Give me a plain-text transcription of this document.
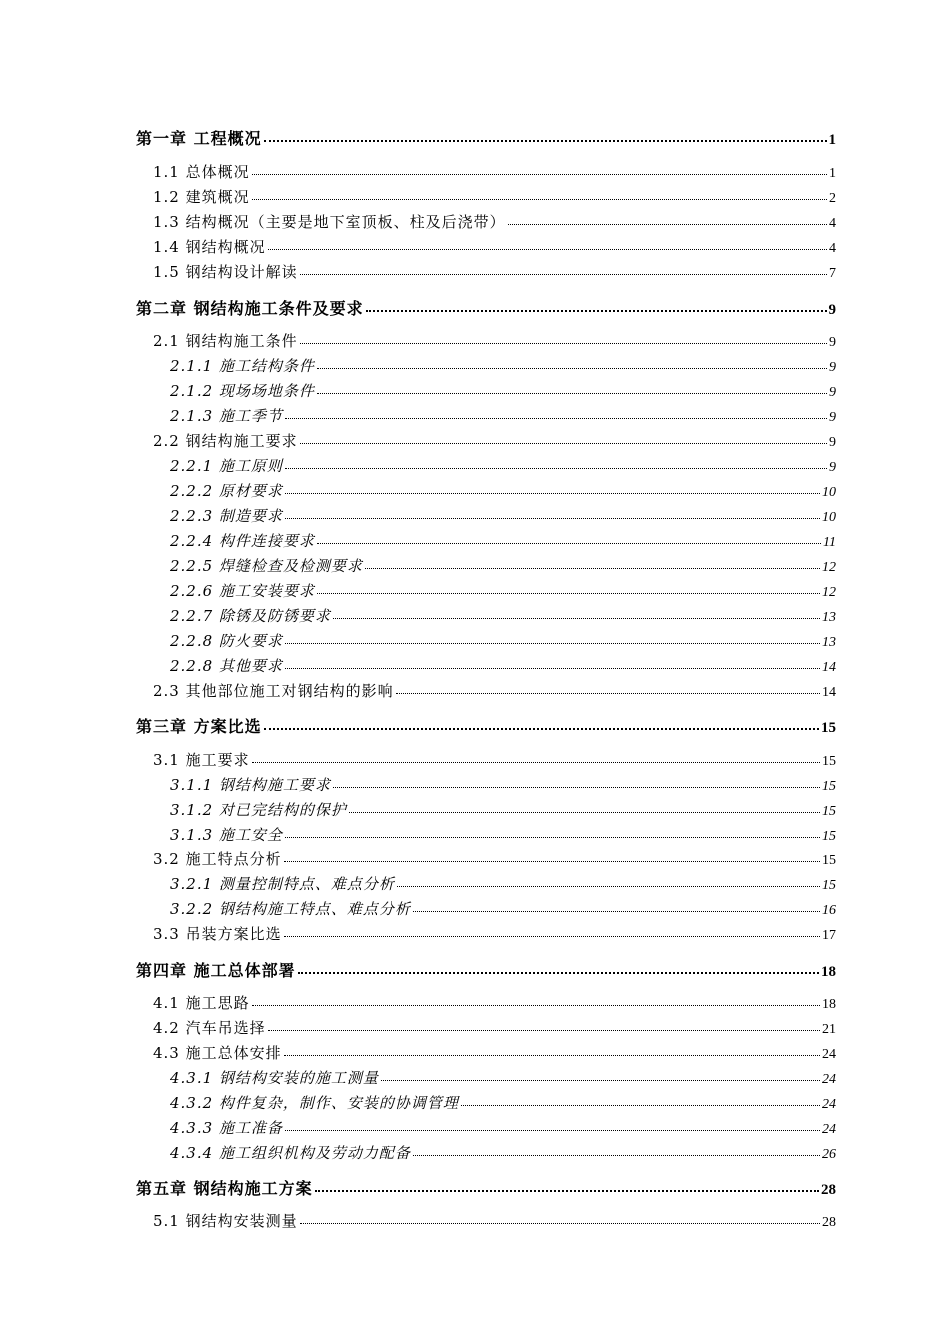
第一章 工程概况	1
1.1 总体概况	1
1.2 建筑概况	2
1.3 结构概况（主要是地下室顶板、柱及后浇带）	4
1.4 钢结构概况	4
1.5 钢结构设计解读	7
第二章 钢结构施工条件及要求	9
2.1 钢结构施工条件	9
2.1.1 施工结构条件	9
2.1.2 现场场地条件	9
2.1.3 施工季节	9
2.2 钢结构施工要求	9
2.2.1 施工原则	9
2.2.2 原材要求	10
2.2.3 制造要求	10
2.2.4 构件连接要求	11
2.2.5 焊缝检查及检测要求	12
2.2.6 施工安装要求	12
2.2.7 除锈及防锈要求	13
2.2.8 防火要求	13
2.2.8 其他要求	14
2.3 其他部位施工对钢结构的影响	14
第三章 方案比选	15
3.1 施工要求	15
3.1.1 钢结构施工要求	15
3.1.2 对已完结构的保护	15
3.1.3 施工安全	15
3.2 施工特点分析	15
3.2.1 测量控制特点、难点分析	15
3.2.2 钢结构施工特点、难点分析	16
3.3 吊装方案比选	17
第四章 施工总体部署	18
4.1 施工思路	18
4.2 汽车吊选择	21
4.3 施工总体安排	24
4.3.1 钢结构安装的施工测量	24
4.3.2 构件复杂，制作、安装的协调管理	24
4.3.3 施工准备	24
4.3.4 施工组织机构及劳动力配备	26
第五章 钢结构施工方案	28
5.1 钢结构安装测量	28
